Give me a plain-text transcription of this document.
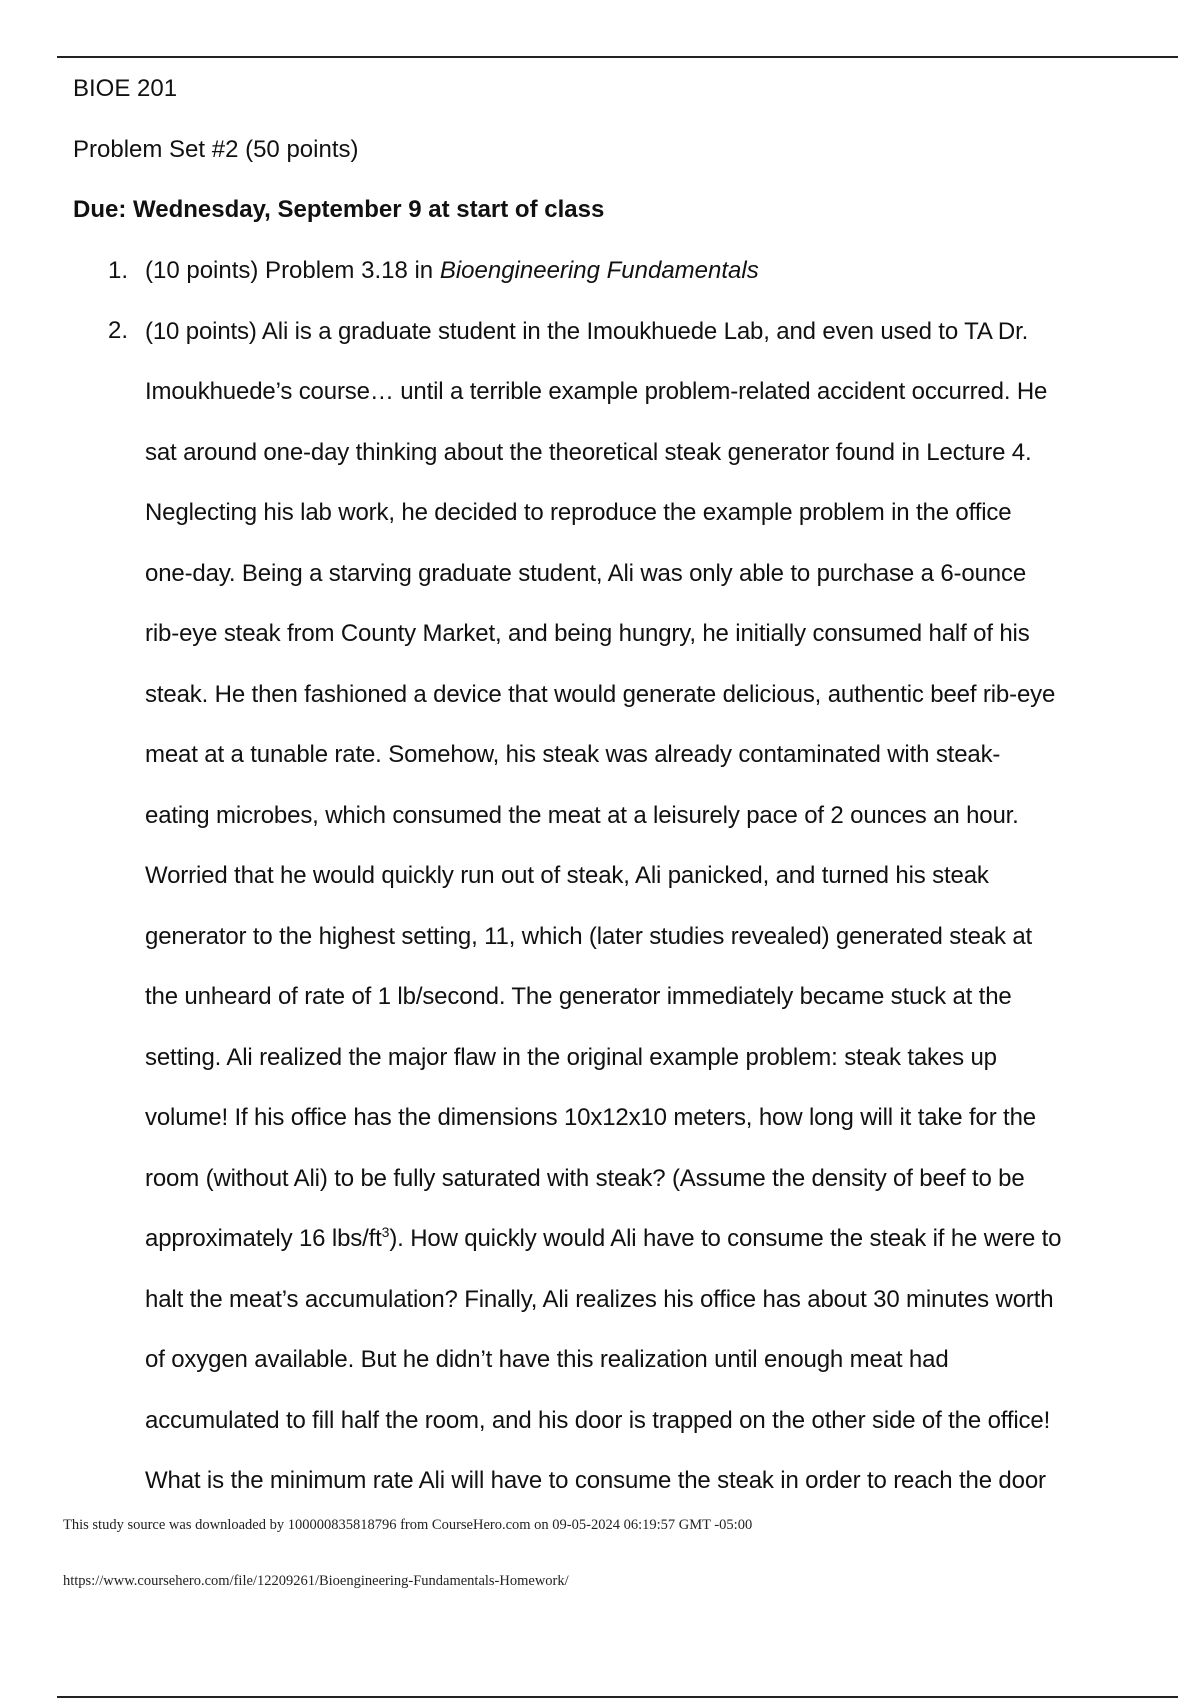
BIOE 201
Problem Set #2 (50 points)
Due: Wednesday, September 9 at start of class
1. (10 points) Problem 3.18 in Bioengineering Fundamentals
2. (10 points) Ali is a graduate student in the Imoukhuede Lab, and even used to TA Dr.
Imoukhuede’s course… until a terrible example problem-related accident occurred. He
sat around one-day thinking about the theoretical steak generator found in Lecture 4.
Neglecting his lab work, he decided to reproduce the example problem in the office
one-day. Being a starving graduate student, Ali was only able to purchase a 6-ounce
rib-eye steak from County Market, and being hungry, he initially consumed half of his
steak. He then fashioned a device that would generate delicious, authentic beef rib-eye
meat at a tunable rate. Somehow, his steak was already contaminated with steak-
eating microbes, which consumed the meat at a leisurely pace of 2 ounces an hour.
Worried that he would quickly run out of steak, Ali panicked, and turned his steak
generator to the highest setting, 11, which (later studies revealed) generated steak at
the unheard of rate of 1 lb/second. The generator immediately became stuck at the
setting. Ali realized the major flaw in the original example problem: steak takes up
volume! If his office has the dimensions 10x12x10 meters, how long will it take for the
room (without Ali) to be fully saturated with steak? (Assume the density of beef to be
approximately 16 lbs/$ft^3$). How quickly would Ali have to consume the steak if he were to
halt the meat’s accumulation? Finally, Ali realizes his office has about 30 minutes worth
of oxygen available. But he didn’t have this realization until enough meat had
accumulated to fill half the room, and his door is trapped on the other side of the office!
What is the minimum rate Ali will have to consume the steak in order to reach the door
This study source was downloaded by 100000835818796 from CourseHero.com on 09-05-2024 06:19:57 GMT -05:00
https://www.coursehero.com/file/12209261/Bioengineering-Fundamentals-Homework/
